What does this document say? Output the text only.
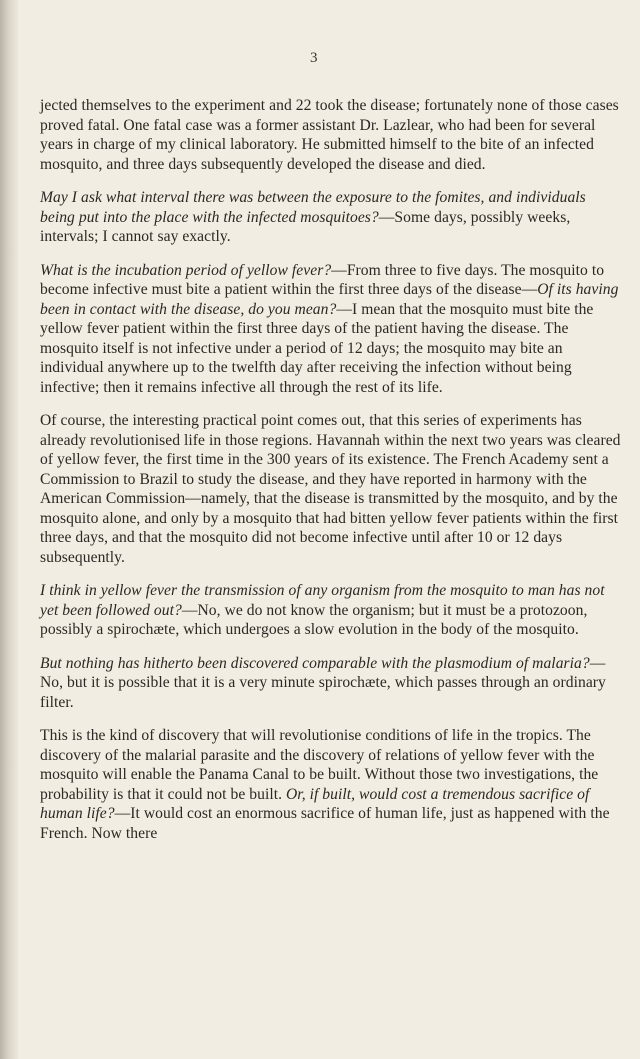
3

jected themselves to the experiment and 22 took the disease; fortunately none of those cases proved fatal. One fatal case was a former assistant Dr. Lazlear, who had been for several years in charge of my clinical laboratory. He submitted himself to the bite of an infected mosquito, and three days subsequently developed the disease and died.

May I ask what interval there was between the exposure to the fomites, and individuals being put into the place with the infected mosquitoes?—Some days, possibly weeks, intervals; I cannot say exactly.

What is the incubation period of yellow fever?—From three to five days. The mosquito to become infective must bite a patient within the first three days of the disease—Of its having been in contact with the disease, do you mean?—I mean that the mosquito must bite the yellow fever patient within the first three days of the patient having the disease. The mosquito itself is not infective under a period of 12 days; the mosquito may bite an individual anywhere up to the twelfth day after receiving the infection without being infective; then it remains infective all through the rest of its life.

Of course, the interesting practical point comes out, that this series of experiments has already revolutionised life in those regions. Havannah within the next two years was cleared of yellow fever, the first time in the 300 years of its existence. The French Academy sent a Commission to Brazil to study the disease, and they have reported in harmony with the American Commission—namely, that the disease is transmitted by the mosquito, and by the mosquito alone, and only by a mosquito that had bitten yellow fever patients within the first three days, and that the mosquito did not become infective until after 10 or 12 days subsequently.

I think in yellow fever the transmission of any organism from the mosquito to man has not yet been followed out?—No, we do not know the organism; but it must be a protozoon, possibly a spirochæte, which undergoes a slow evolution in the body of the mosquito.

But nothing has hitherto been discovered comparable with the plasmodium of malaria?—No, but it is possible that it is a very minute spirochæte, which passes through an ordinary filter.

This is the kind of discovery that will revolutionise conditions of life in the tropics. The discovery of the malarial parasite and the discovery of relations of yellow fever with the mosquito will enable the Panama Canal to be built. Without those two investigations, the probability is that it could not be built. Or, if built, would cost a tremendous sacrifice of human life?—It would cost an enormous sacrifice of human life, just as happened with the French. Now there
